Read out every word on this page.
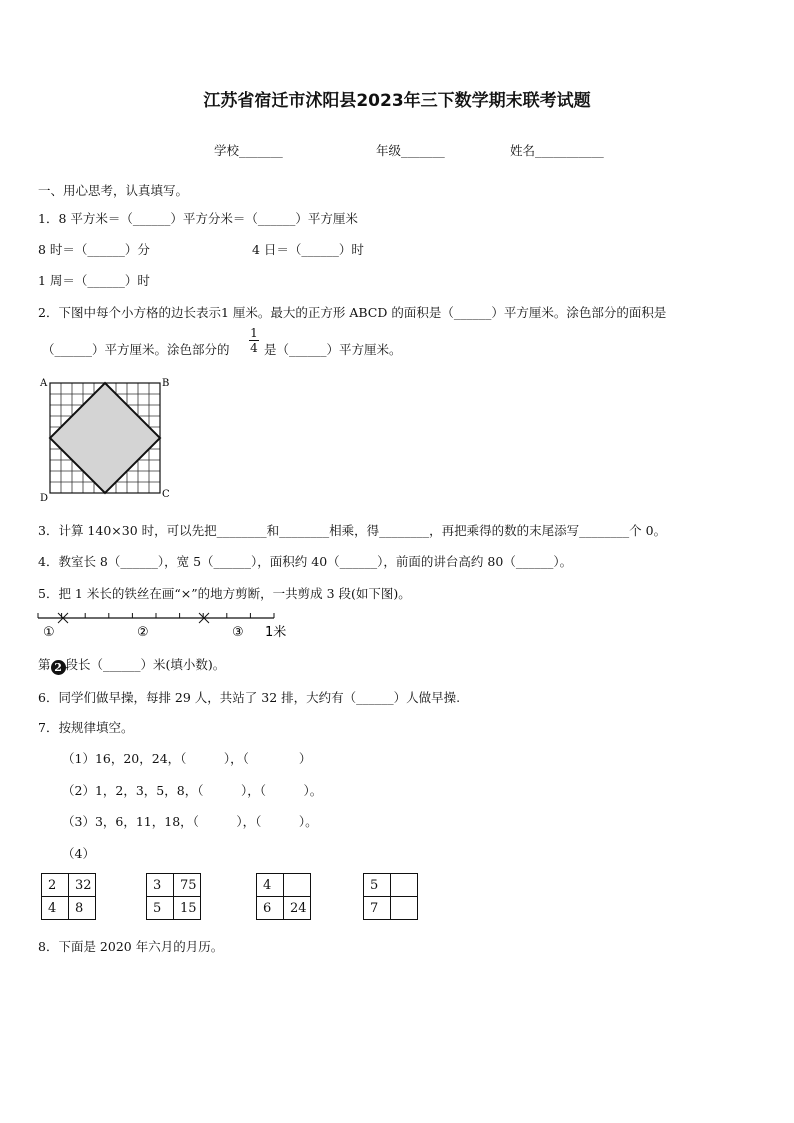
江苏省宿迁市沭阳县2023年三下数学期末联考试题
学校_______	年级_______	姓名___________
一、用心思考，认真填写。
1．8 平方米＝（______）平方分米＝（______）平方厘米
8 时＝（______）分	4 日＝（______）时
1 周＝（______）时
2．下图中每个小方格的边长表示1 厘米。最大的正方形 ABCD 的面积是（______）平方厘米。涂色部分的面积是
（______）平方厘米。涂色部分的
1
4 是（______）平方厘米。
A	B
C
D
3．计算 140×30 时，可以先把________和________相乘，得________，再把乘得的数的末尾添写________个 0。
4．教室长 8（______），宽 5（______），面积约 40（______），前面的讲台高约 80（______）。
5．把 1 米长的铁丝在画“×”的地方剪断，一共剪成 3 段(如下图)。
①	②	③ 1米
第 2 段长（______）米(填小数)。
6．同学们做早操，每排 29 人，共站了 32 排，大约有（______）人做早操.
7．按规律填空。
（1）16，20，24，（　　　），（　　　　）
（2）1，2，3，5，8，（　　　），（　　　）。
（3）3，6，11，18，（　　　），（　　　）。
（4）
2	32
4	8
3	75
5	15
4	
6	24
5	
7	
8．下面是 2020 年六月的月历。
